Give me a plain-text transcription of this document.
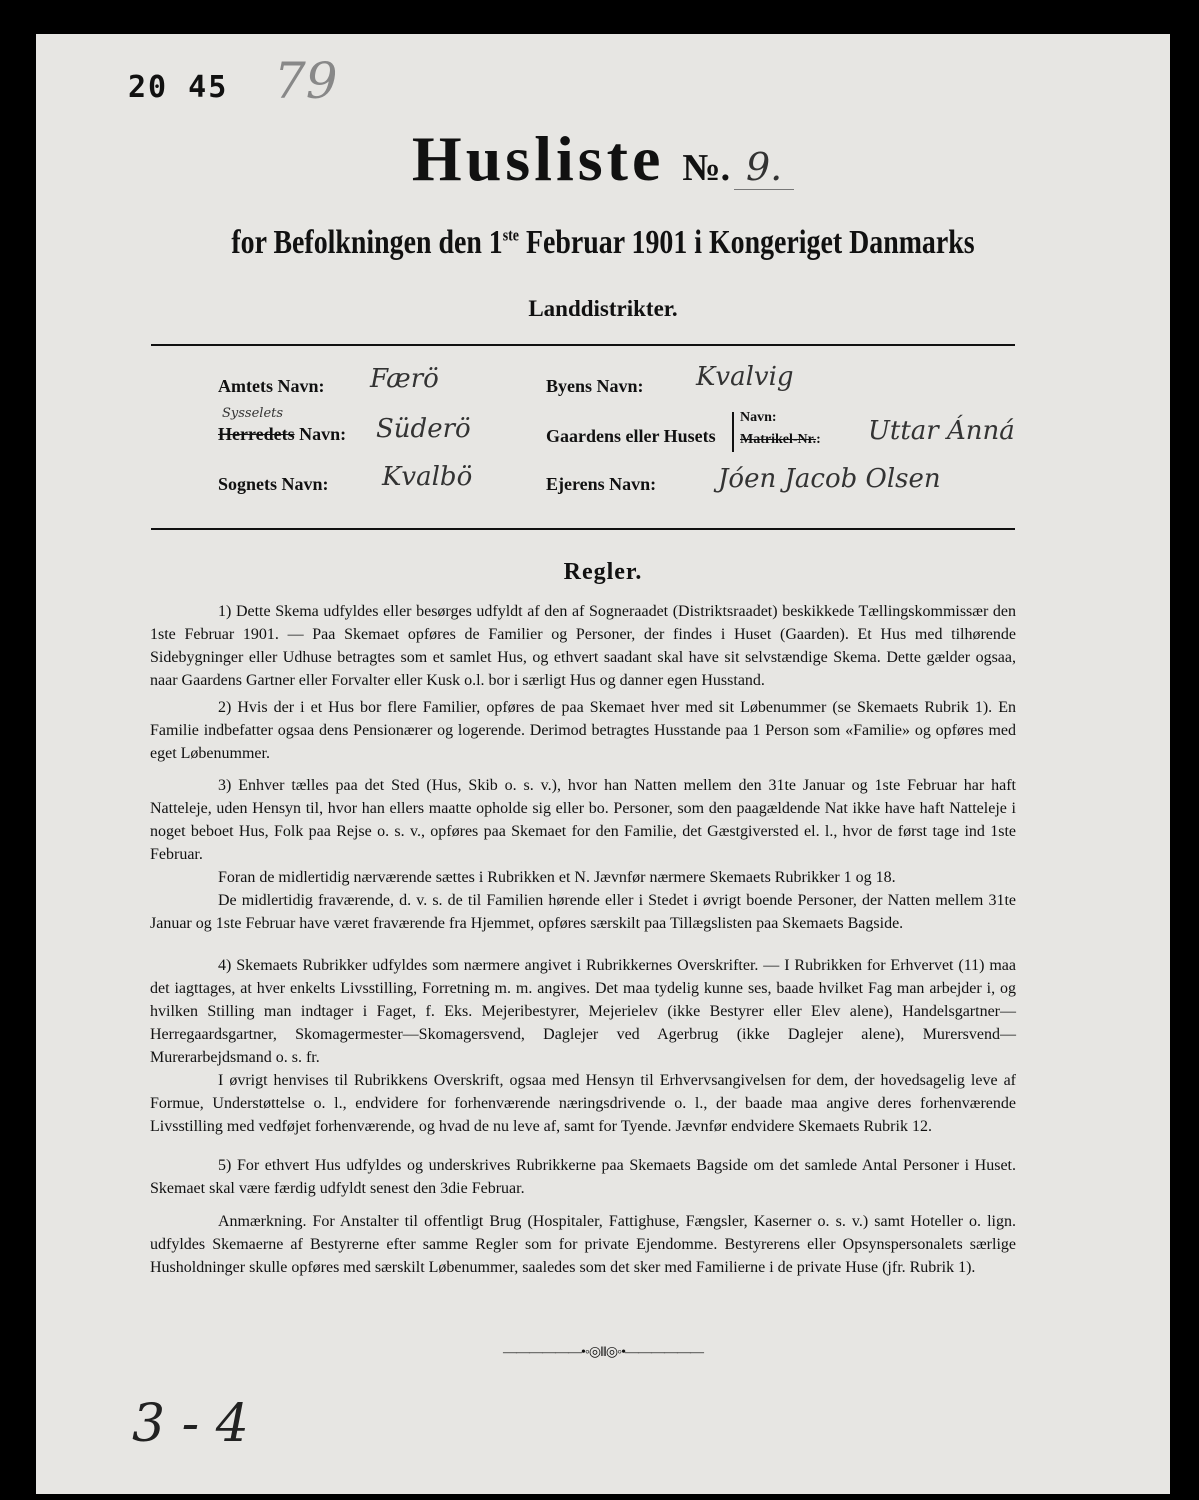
20 45 79
Husliste №. 9.
for Befolkningen den 1ste Februar 1901 i Kongeriget Danmarks
Landdistrikter.
Amtets Navn: Færö
Sysselets
Herredets Navn: Süderö
Sognets Navn: Kvalbö
Byens Navn: Kvalvig
Gaardens eller Husets
Navn:
Matrikel-Nr.: Uttar Ánná
Ejerens Navn: Jóen Jacob Olsen
Regler.

1) Dette Skema udfyldes eller besørges udfyldt af den af Sogneraadet (Distriktsraadet) beskikkede Tællingskommissær den 1ste Februar 1901. — Paa Skemaet opføres de Familier og Personer, der findes i Huset (Gaarden). Et Hus med tilhørende Sidebygninger eller Udhuse betragtes som et samlet Hus, og ethvert saadant skal have sit selvstændige Skema. Dette gælder ogsaa, naar Gaardens Gartner eller Forvalter eller Kusk o.l. bor i særligt Hus og danner egen Husstand.

2) Hvis der i et Hus bor flere Familier, opføres de paa Skemaet hver med sit Løbenummer (se Skemaets Rubrik 1). En Familie indbefatter ogsaa dens Pensionærer og logerende. Derimod betragtes Husstande paa 1 Person som «Familie» og opføres med eget Løbenummer.

3) Enhver tælles paa det Sted (Hus, Skib o. s. v.), hvor han Natten mellem den 31te Januar og 1ste Februar har haft Natteleje, uden Hensyn til, hvor han ellers maatte opholde sig eller bo. Personer, som den paagældende Nat ikke have haft Natteleje i noget beboet Hus, Folk paa Rejse o. s. v., opføres paa Skemaet for den Familie, det Gæstgiversted el. l., hvor de først tage ind 1ste Februar.

Foran de midlertidig nærværende sættes i Rubrikken et N. Jævnfør nærmere Skemaets Rubrikker 1 og 18.

De midlertidig fraværende, d. v. s. de til Familien hørende eller i Stedet i øvrigt boende Personer, der Natten mellem 31te Januar og 1ste Februar have været fraværende fra Hjemmet, opføres særskilt paa Tillægslisten paa Skemaets Bagside.

4) Skemaets Rubrikker udfyldes som nærmere angivet i Rubrikkernes Overskrifter. — I Rubrikken for Erhvervet (11) maa det iagttages, at hver enkelts Livsstilling, Forretning m. m. angives. Det maa tydelig kunne ses, baade hvilket Fag man arbejder i, og hvilken Stilling man indtager i Faget, f. Eks. Mejeribestyrer, Mejerielev (ikke Bestyrer eller Elev alene), Handelsgartner—Herregaardsgartner, Skomagermester—Skomagersvend, Daglejer ved Agerbrug (ikke Daglejer alene), Murersvend—Murerarbejdsmand o. s. fr.

I øvrigt henvises til Rubrikkens Overskrift, ogsaa med Hensyn til Erhvervsangivelsen for dem, der hovedsagelig leve af Formue, Understøttelse o. l., endvidere for forhenværende næringsdrivende o. l., der baade maa angive deres forhenværende Livsstilling med vedføjet forhenværende, og hvad de nu leve af, samt for Tyende. Jævnfør endvidere Skemaets Rubrik 12.

5) For ethvert Hus udfyldes og underskrives Rubrikkerne paa Skemaets Bagside om det samlede Antal Personer i Huset. Skemaet skal være færdig udfyldt senest den 3die Februar.

Anmærkning. For Anstalter til offentligt Brug (Hospitaler, Fattighuse, Fængsler, Kaserner o. s. v.) samt Hoteller o. lign. udfyldes Skemaerne af Bestyrerne efter samme Regler som for private Ejendomme. Bestyrerens eller Opsynspersonalets særlige Husholdninger skulle opføres med særskilt Løbenummer, saaledes som det sker med Familierne i de private Huse (jfr. Rubrik 1).

——————•◦◎ǁǁ◎◦•——————
3 - 4
